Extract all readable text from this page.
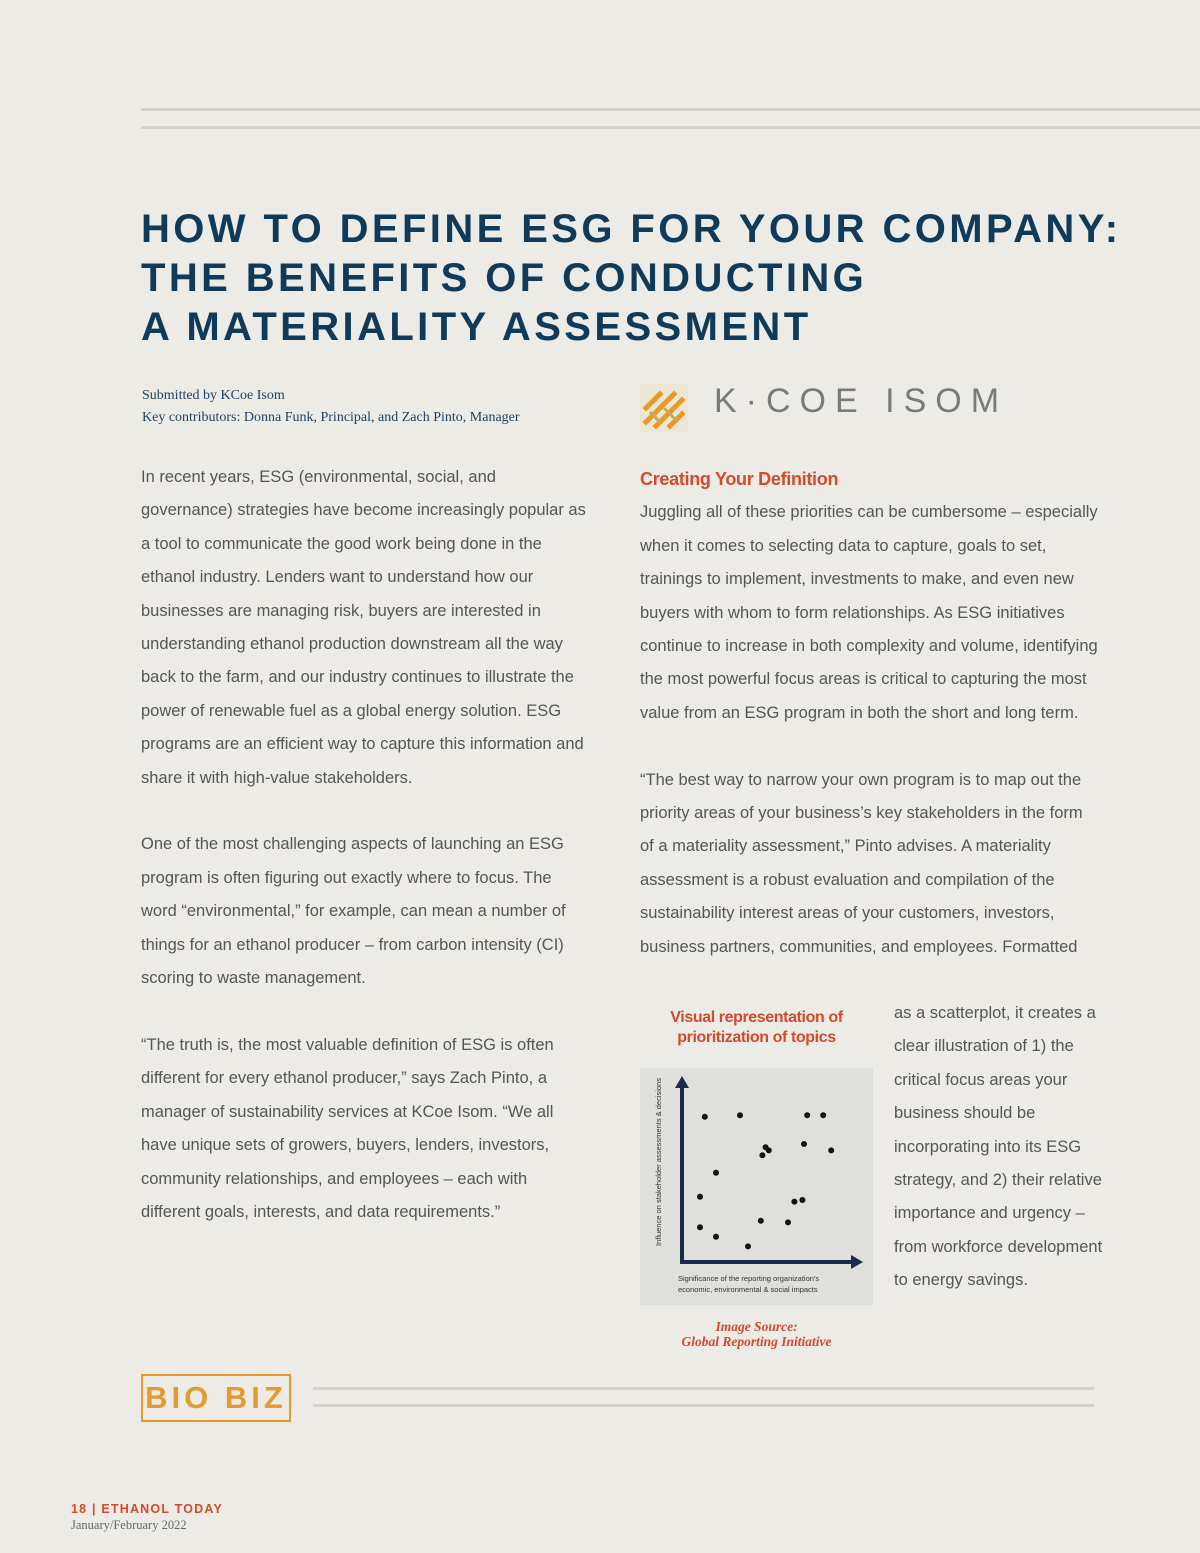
HOW TO DEFINE ESG FOR YOUR COMPANY:
THE BENEFITS OF CONDUCTING
A MATERIALITY ASSESSMENT
Submitted by KCoe Isom
Key contributors: Donna Funk, Principal, and Zach Pinto, Manager	K·COE ISOM

In recent years, ESG (environmental, social, and governance) strategies have become increasingly popular as a tool to communicate the good work being done in the ethanol industry. Lenders want to understand how our businesses are managing risk, buyers are interested in understanding ethanol production downstream all the way back to the farm, and our industry continues to illustrate the power of renewable fuel as a global energy solution. ESG programs are an efficient way to capture this information and share it with high-value stakeholders.

One of the most challenging aspects of launching an ESG program is often figuring out exactly where to focus. The word “environmental,” for example, can mean a number of things for an ethanol producer – from carbon intensity (CI) scoring to waste management.

“The truth is, the most valuable definition of ESG is often different for every ethanol producer,” says Zach Pinto, a manager of sustainability services at KCoe Isom. “We all have unique sets of growers, buyers, lenders, investors, community relationships, and employees – each with different goals, interests, and data requirements.”

Creating Your Definition

Juggling all of these priorities can be cumbersome – especially when it comes to selecting data to capture, goals to set, trainings to implement, investments to make, and even new buyers with whom to form relationships. As ESG initiatives continue to increase in both complexity and volume, identifying the most powerful focus areas is critical to capturing the most value from an ESG program in both the short and long term.

“The best way to narrow your own program is to map out the priority areas of your business’s key stakeholders in the form of a materiality assessment,” Pinto advises. A materiality assessment is a robust evaluation and compilation of the sustainability interest areas of your customers, investors, business partners, communities, and employees. Formatted

as a scatterplot, it creates a clear illustration of 1) the critical focus areas your business should be incorporating into its ESG strategy, and 2) their relative importance and urgency – from workforce development to energy savings.
Visual representation of prioritization of topics
Influence on stakeholder assessments & decisions
Significance of the reporting organization's
economic, environmental & social impacts
Image Source:
Global Reporting Initiative
BIO BIZ
18 | ETHANOL TODAY
January/February 2022
